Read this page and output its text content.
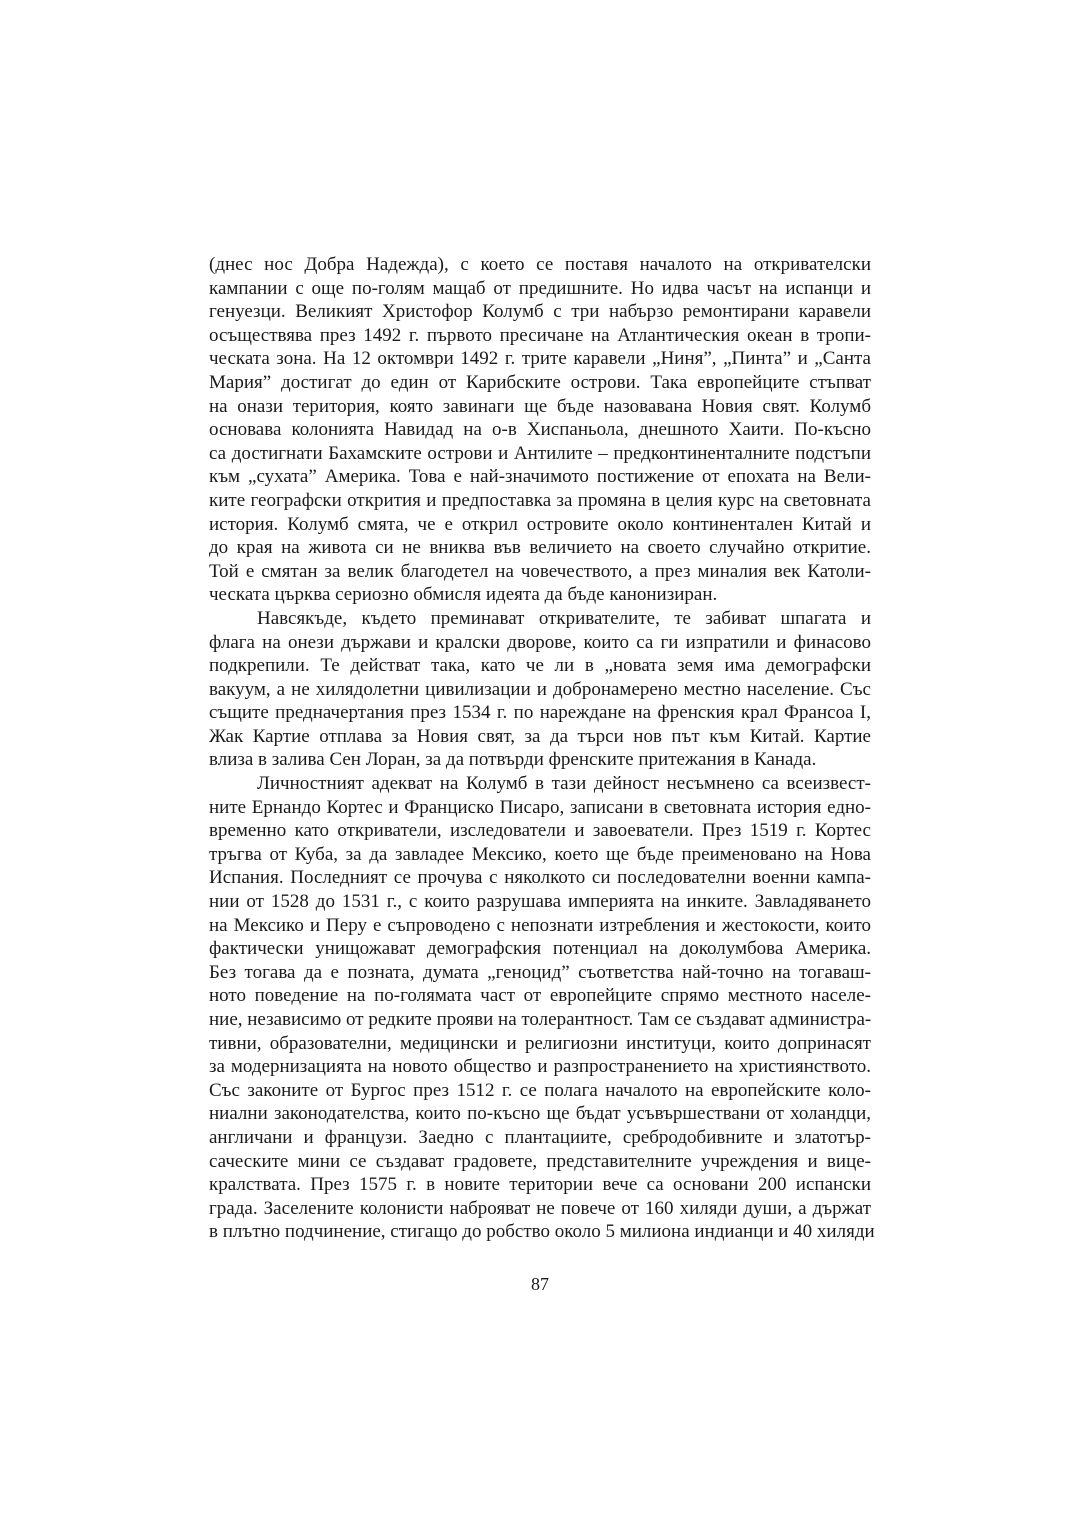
(днес нос Добра Надежда), с което се поставя началото на откривателски
кампании с още по-голям мащаб от предишните. Но идва часът на испанци и
генуезци. Великият Христофор Колумб с три набързо ремонтирани каравели
осъществява през 1492 г. първото пресичане на Атлантическия океан в тропи-
ческата зона. На 12 октомври 1492 г. трите каравели „Ниня”, „Пинта” и „Санта
Мария” достигат до един от Карибските острови. Така европейците стъпват
на онази територия, която завинаги ще бъде назовавана Новия свят. Колумб
основава колонията Навидад на о-в Хиспаньола, днешното Хаити. По-късно
са достигнати Бахамските острови и Антилите – предконтиненталните подстъпи
към „сухата” Америка. Това е най-значимото постижение от епохата на Вели-
ките географски открития и предпоставка за промяна в целия курс на световната
история. Колумб смята, че е открил островите около континентален Китай и
до края на живота си не вниква във величието на своето случайно откритие.
Той е смятан за велик благодетел на човечеството, а през миналия век Католи-
ческата църква сериозно обмисля идеята да бъде канонизиран.
Навсякъде, където преминават откривателите, те забиват шпагата и
флага на онези държави и кралски дворове, които са ги изпратили и финасово
подкрепили. Те действат така, като че ли в „новата земя има демографски
вакуум, а не хилядолетни цивилизации и добронамерено местно население. Със
същите предначертания през 1534 г. по нареждане на френския крал Франсоа I,
Жак Картие отплава за Новия свят, за да търси нов път към Китай. Картие
влиза в залива Сен Лоран, за да потвърди френските притежания в Канада.
Личностният адекват на Колумб в тази дейност несъмнено са всеизвест-
ните Ернандо Кортес и Франциско Писаро, записани в световната история едно-
временно като откриватели, изследователи и завоеватели. През 1519 г. Кортес
тръгва от Куба, за да завладее Мексико, което ще бъде преименовано на Нова
Испания. Последният се прочува с няколкото си последователни военни кампа-
нии от 1528 до 1531 г., с които разрушава империята на инките. Завладяването
на Мексико и Перу е съпроводено с непознати изтребления и жестокости, които
фактически унищожават демографския потенциал на доколумбова Америка.
Без тогава да е позната, думата „геноцид” съответства най-точно на тогаваш-
ното поведение на по-голямата част от европейците спрямо местното населе-
ние, независимо от редките прояви на толерантност. Там се създават администра-
тивни, образователни, медицински и религиозни институци, които допринасят
за модернизацията на новото общество и разпространението на християнството.
Със законите от Бургос през 1512 г. се полага началото на европейските коло-
ниални законодателства, които по-късно ще бъдат усъвършествани от холандци,
англичани и французи. Заедно с плантациите, сребродобивните и златотър-
саческите мини се създават градовете, представителните учреждения и вице-
кралствата. През 1575 г. в новите територии вече са основани 200 испански
града. Заселените колонисти наброяват не повече от 160 хиляди души, а държат
в плътно подчинение, стигащо до робство около 5 милиона индианци и 40 хиляди
87
